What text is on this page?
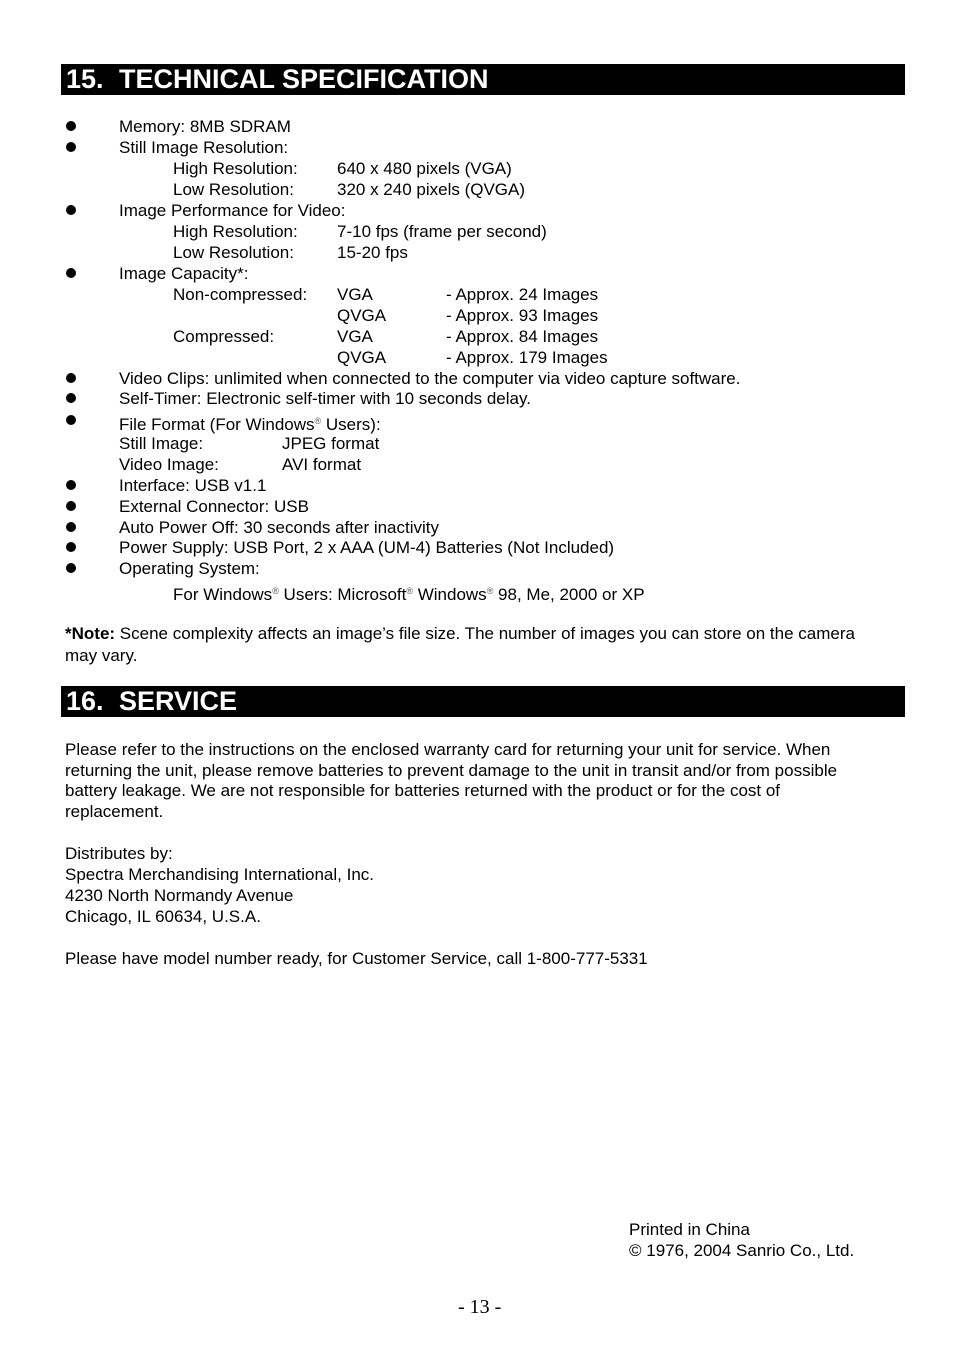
15. TECHNICAL SPECIFICATION
Memory: 8MB SDRAM
Still Image Resolution:
High Resolution: 640 x 480 pixels (VGA)
Low Resolution:	320 x 240 pixels (QVGA)
Image Performance for Video:
High Resolution: 7-10 fps (frame per second)
Low Resolution:	15-20 fps
Image Capacity*:
Non-compressed: VGA	- Approx. 24 Images
QVGA	- Approx. 93 Images
Compressed:	VGA	- Approx. 84 Images
QVGA	- Approx. 179 Images
Video Clips: unlimited when connected to the computer via video capture software.
Self-Timer: Electronic self-timer with 10 seconds delay.
File Format (For Windows® Users):
Still Image:	JPEG format
Video Image:	AVI format
Interface: USB v1.1
External Connector: USB
Auto Power Off: 30 seconds after inactivity
Power Supply: USB Port, 2 x AAA (UM-4) Batteries (Not Included)
Operating System:
For Windows® Users: Microsoft® Windows® 98, Me, 2000 or XP
*Note: Scene complexity affects an image’s file size. The number of images you can store on the camera
may vary.
16. SERVICE
Please refer to the instructions on the enclosed warranty card for returning your unit for service. When
returning the unit, please remove batteries to prevent damage to the unit in transit and/or from possible
battery leakage. We are not responsible for batteries returned with the product or for the cost of
replacement.
Distributes by:
Spectra Merchandising International, Inc.
4230 North Normandy Avenue
Chicago, IL 60634, U.S.A.
Please have model number ready, for Customer Service, call 1-800-777-5331
Printed in China
© 1976, 2004 Sanrio Co., Ltd.
- 13 -
